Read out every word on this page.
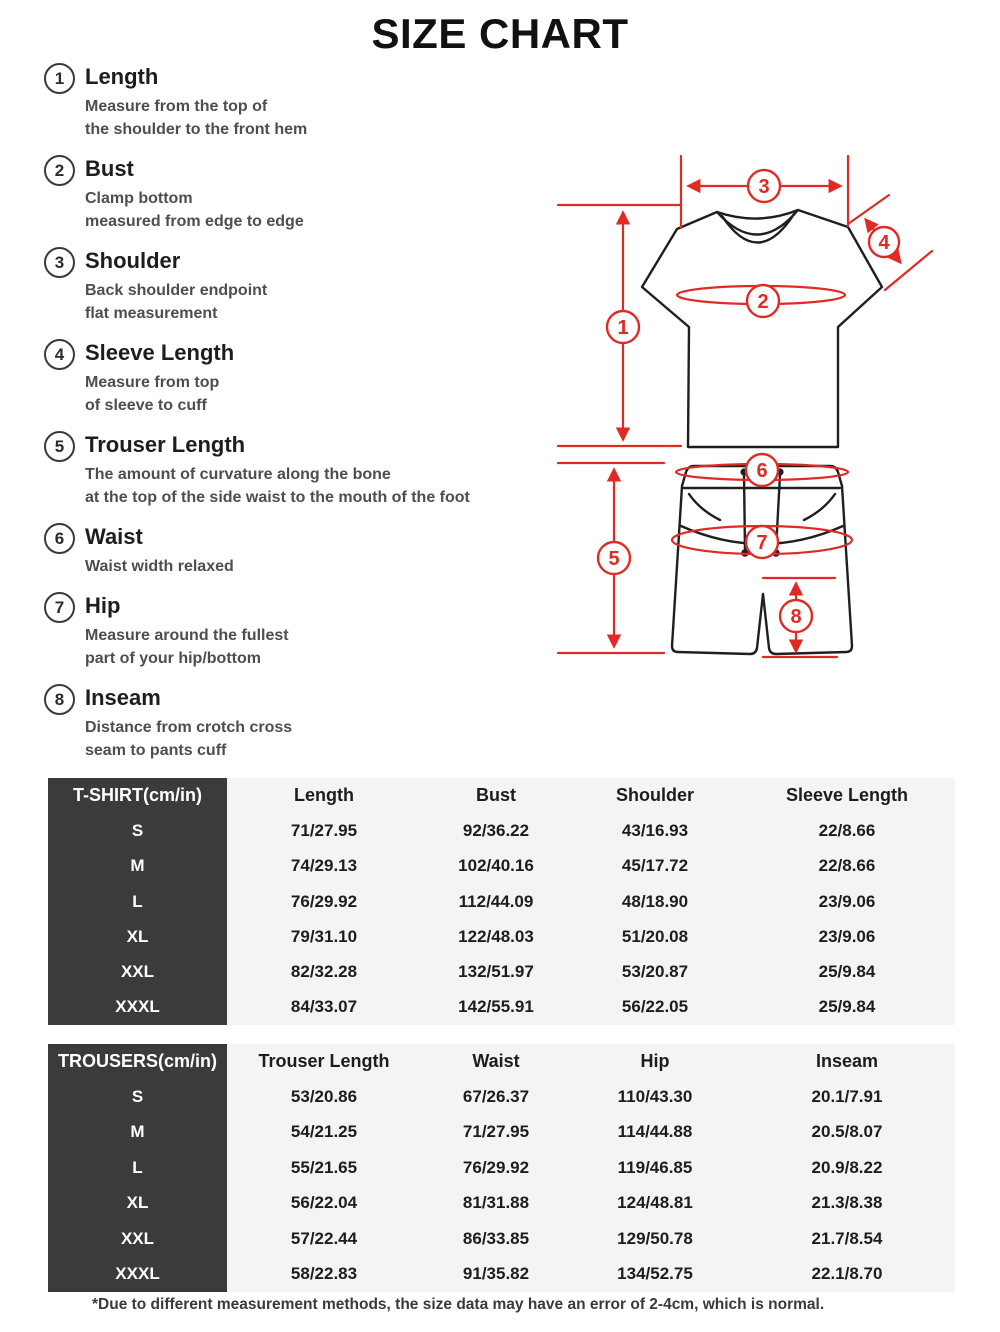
SIZE CHART
1 Length
Measure from the top of
the shoulder to the front hem
2 Bust
Clamp bottom
measured from edge to edge
3 Shoulder
Back shoulder endpoint
flat measurement
4 Sleeve Length
Measure from top
of sleeve to cuff
5 Trouser Length
The amount of curvature along the bone
at the top of the side waist to the mouth of the foot
6 Waist
Waist width relaxed
7 Hip
Measure around the fullest
part of your hip/bottom
8 Inseam
Distance from crotch cross
seam to pants cuff
1
2
3
4
5
6
7
8
T-SHIRT(cm/in)	Length	Bust	Shoulder	Sleeve Length
S	71/27.95	92/36.22	43/16.93	22/8.66
M	74/29.13	102/40.16	45/17.72	22/8.66
L	76/29.92	112/44.09	48/18.90	23/9.06
XL	79/31.10	122/48.03	51/20.08	23/9.06
XXL	82/32.28	132/51.97	53/20.87	25/9.84
XXXL	84/33.07	142/55.91	56/22.05	25/9.84
TROUSERS(cm/in)	Trouser Length	Waist	Hip	Inseam
S	53/20.86	67/26.37	110/43.30	20.1/7.91
M	54/21.25	71/27.95	114/44.88	20.5/8.07
L	55/21.65	76/29.92	119/46.85	20.9/8.22
XL	56/22.04	81/31.88	124/48.81	21.3/8.38
XXL	57/22.44	86/33.85	129/50.78	21.7/8.54
XXXL	58/22.83	91/35.82	134/52.75	22.1/8.70
*Due to different measurement methods, the size data may have an error of 2-4cm, which is normal.
